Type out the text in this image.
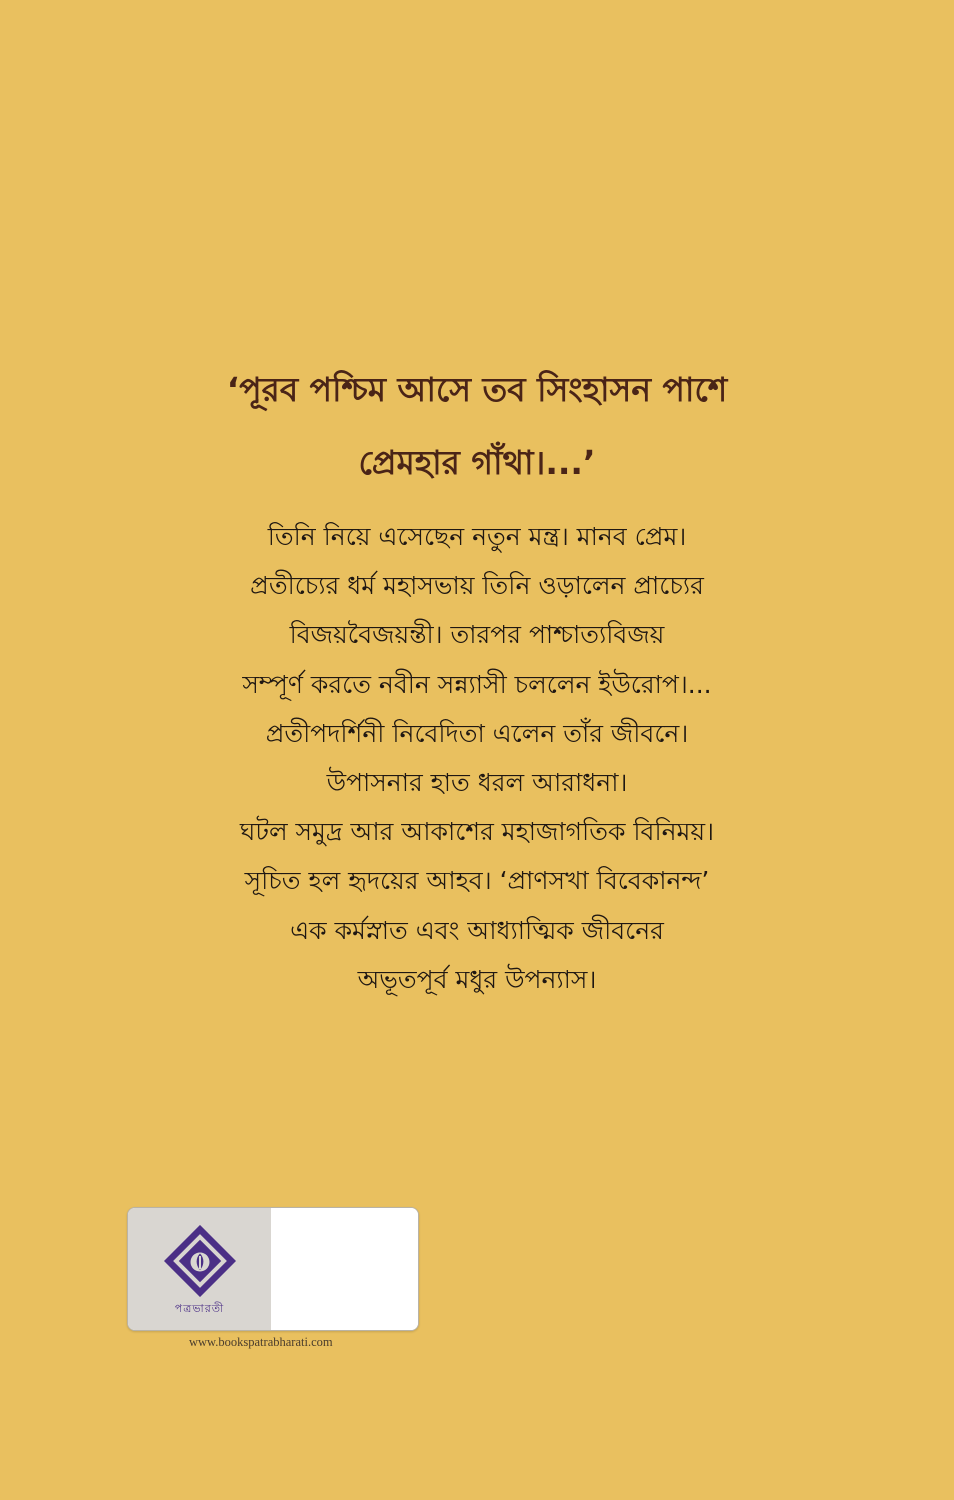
‘পূরব পশ্চিম আসে তব সিংহাসন পাশে

প্রেমহার গাঁথা।...’

তিনি নিয়ে এসেছেন নতুন মন্ত্র। মানব প্রেম।
প্রতীচ্যের ধর্ম মহাসভায় তিনি ওড়ালেন প্রাচ্যের
বিজয়বৈজয়ন্তী। তারপর পাশ্চাত্যবিজয়
সম্পূর্ণ করতে নবীন সন্ন্যাসী চললেন ইউরোপ।...
প্রতীপদর্শিনী নিবেদিতা এলেন তাঁর জীবনে।
উপাসনার হাত ধরল আরাধনা।
ঘটল সমুদ্র আর আকাশের মহাজাগতিক বিনিময়।
সূচিত হল হৃদয়ের আহব। ‘প্রাণসখা বিবেকানন্দ’
এক কর্মস্নাত এবং আধ্যাত্মিক জীবনের
অভূতপূর্ব মধুর উপন্যাস।
পত্রভারতী
www.bookspatrabharati.com
